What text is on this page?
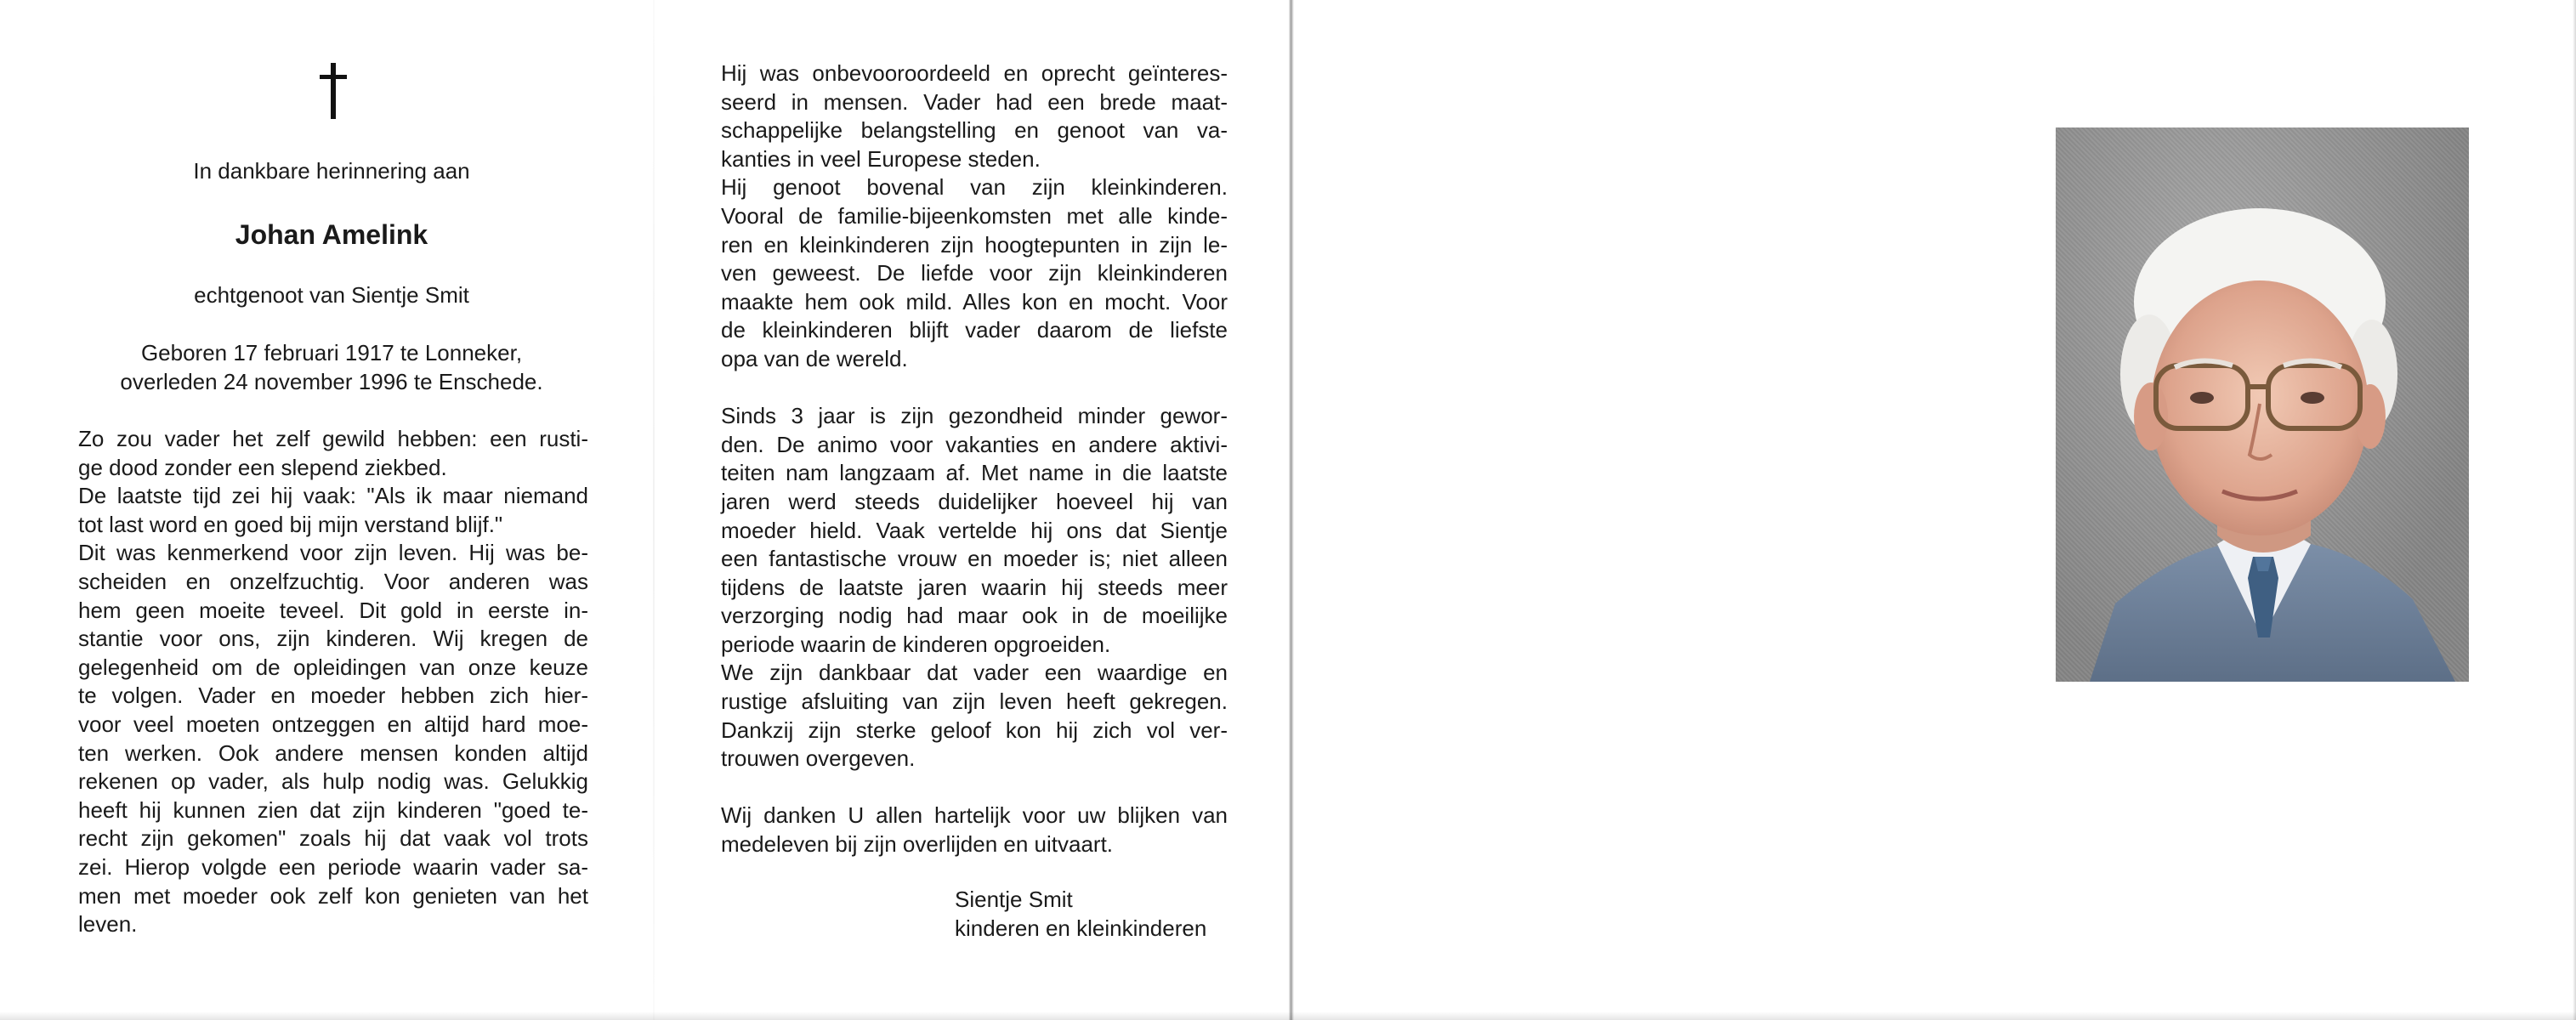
In dankbare herinnering aan
Johan Amelink
echtgenoot van Sientje Smit
Geboren 17 februari 1917 te Lonneker,
overleden 24 november 1996 te Enschede.
Zo zou vader het zelf gewild hebben: een rusti-
ge dood zonder een slepend ziekbed.
De laatste tijd zei hij vaak: "Als ik maar niemand
tot last word en goed bij mijn verstand blijf."
Dit was kenmerkend voor zijn leven. Hij was be-
scheiden en onzelfzuchtig. Voor anderen was
hem geen moeite teveel. Dit gold in eerste in-
stantie voor ons, zijn kinderen. Wij kregen de
gelegenheid om de opleidingen van onze keuze
te volgen. Vader en moeder hebben zich hier-
voor veel moeten ontzeggen en altijd hard moe-
ten werken. Ook andere mensen konden altijd
rekenen op vader, als hulp nodig was. Gelukkig
heeft hij kunnen zien dat zijn kinderen "goed te-
recht zijn gekomen" zoals hij dat vaak vol trots
zei. Hierop volgde een periode waarin vader sa-
men met moeder ook zelf kon genieten van het
leven.
Hij was onbevooroordeeld en oprecht geïnteres-
seerd in mensen. Vader had een brede maat-
schappelijke belangstelling en genoot van va-
kanties in veel Europese steden.
Hij genoot bovenal van zijn kleinkinderen.
Vooral de familie-bijeenkomsten met alle kinde-
ren en kleinkinderen zijn hoogtepunten in zijn le-
ven geweest. De liefde voor zijn kleinkinderen
maakte hem ook mild. Alles kon en mocht. Voor
de kleinkinderen blijft vader daarom de liefste
opa van de wereld.
Sinds 3 jaar is zijn gezondheid minder gewor-
den. De animo voor vakanties en andere aktivi-
teiten nam langzaam af. Met name in die laatste
jaren werd steeds duidelijker hoeveel hij van
moeder hield. Vaak vertelde hij ons dat Sientje
een fantastische vrouw en moeder is; niet alleen
tijdens de laatste jaren waarin hij steeds meer
verzorging nodig had maar ook in de moeilijke
periode waarin de kinderen opgroeiden.
We zijn dankbaar dat vader een waardige en
rustige afsluiting van zijn leven heeft gekregen.
Dankzij zijn sterke geloof kon hij zich vol ver-
trouwen overgeven.
Wij danken U allen hartelijk voor uw blijken van
medeleven bij zijn overlijden en uitvaart.
Sientje Smit
kinderen en kleinkinderen
